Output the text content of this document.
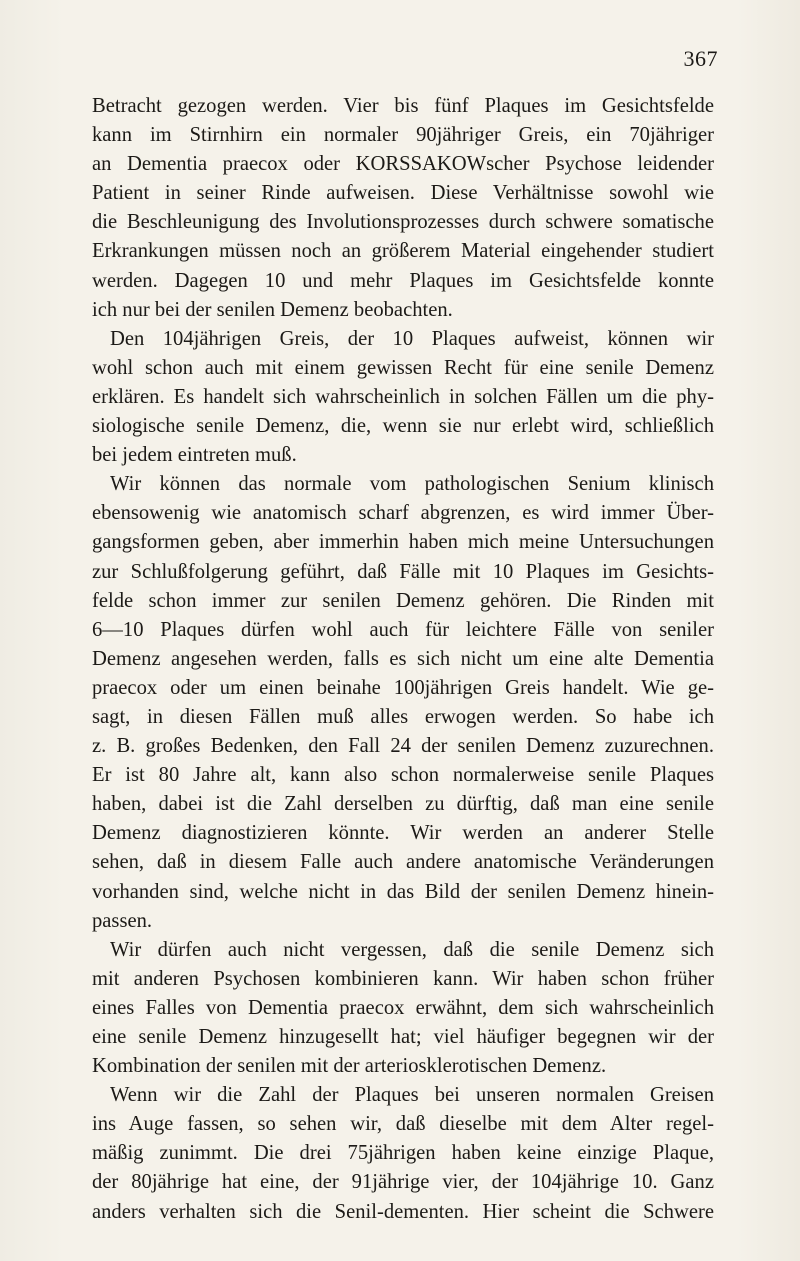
367
Betracht gezogen werden. Vier bis fünf Plaques im Gesichtsfelde
kann im Stirnhirn ein normaler 90jähriger Greis, ein 70jähriger
an Dementia praecox oder KORSSAKOWscher Psychose leidender
Patient in seiner Rinde aufweisen. Diese Verhältnisse sowohl wie
die Beschleunigung des Involutionsprozesses durch schwere somatische
Erkrankungen müssen noch an größerem Material eingehender studiert
werden. Dagegen 10 und mehr Plaques im Gesichtsfelde konnte
ich nur bei der senilen Demenz beobachten.
Den 104jährigen Greis, der 10 Plaques aufweist, können wir
wohl schon auch mit einem gewissen Recht für eine senile Demenz
erklären. Es handelt sich wahrscheinlich in solchen Fällen um die phy-
siologische senile Demenz, die, wenn sie nur erlebt wird, schließlich
bei jedem eintreten muß.
Wir können das normale vom pathologischen Senium klinisch
ebensowenig wie anatomisch scharf abgrenzen, es wird immer Über-
gangsformen geben, aber immerhin haben mich meine Untersuchungen
zur Schlußfolgerung geführt, daß Fälle mit 10 Plaques im Gesichts-
felde schon immer zur senilen Demenz gehören. Die Rinden mit
6—10 Plaques dürfen wohl auch für leichtere Fälle von seniler
Demenz angesehen werden, falls es sich nicht um eine alte Dementia
praecox oder um einen beinahe 100jährigen Greis handelt. Wie ge-
sagt, in diesen Fällen muß alles erwogen werden. So habe ich
z. B. großes Bedenken, den Fall 24 der senilen Demenz zuzurechnen.
Er ist 80 Jahre alt, kann also schon normalerweise senile Plaques
haben, dabei ist die Zahl derselben zu dürftig, daß man eine senile
Demenz diagnostizieren könnte. Wir werden an anderer Stelle
sehen, daß in diesem Falle auch andere anatomische Veränderungen
vorhanden sind, welche nicht in das Bild der senilen Demenz hinein-
passen.
Wir dürfen auch nicht vergessen, daß die senile Demenz sich
mit anderen Psychosen kombinieren kann. Wir haben schon früher
eines Falles von Dementia praecox erwähnt, dem sich wahrscheinlich
eine senile Demenz hinzugesellt hat; viel häufiger begegnen wir der
Kombination der senilen mit der arteriosklerotischen Demenz.
Wenn wir die Zahl der Plaques bei unseren normalen Greisen
ins Auge fassen, so sehen wir, daß dieselbe mit dem Alter regel-
mäßig zunimmt. Die drei 75jährigen haben keine einzige Plaque,
der 80jährige hat eine, der 91jährige vier, der 104jährige 10. Ganz
anders verhalten sich die Senil-dementen. Hier scheint die Schwere
